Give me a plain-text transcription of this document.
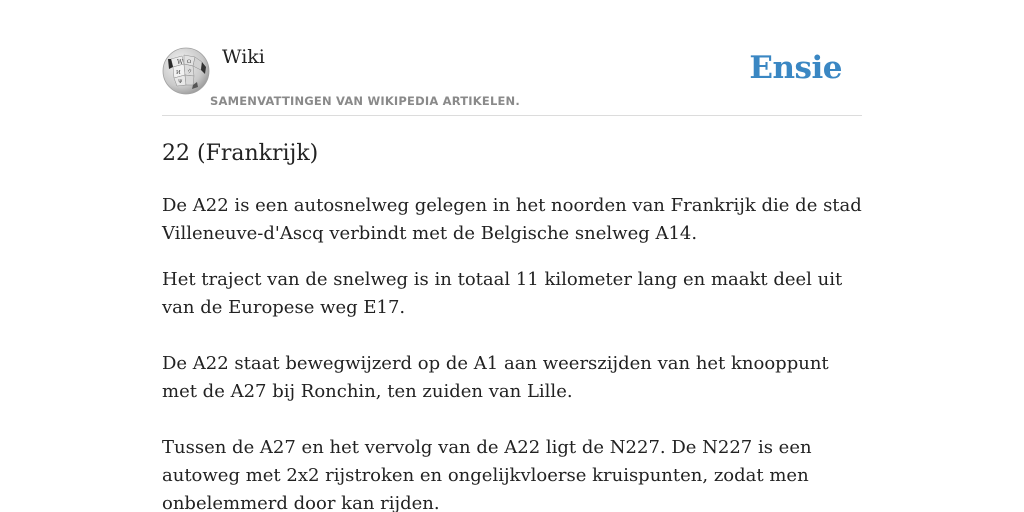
W Ω
И ウ
Ψ
Wiki
SAMENVATTINGEN VAN WIKIPEDIA ARTIKELEN.
Ensie
22 (Frankrijk)

De A22 is een autosnelweg gelegen in het noorden van Frankrijk die de stad Villeneuve-d'Ascq verbindt met de Belgische snelweg A14.

Het traject van de snelweg is in totaal 11 kilometer lang en maakt deel uit van de Europese weg E17.

De A22 staat bewegwijzerd op de A1 aan weerszijden van het knooppunt met de A27 bij Ronchin, ten zuiden van Lille.

Tussen de A27 en het vervolg van de A22 ligt de N227. De N227 is een autoweg met 2x2 rijstroken en ongelijkvloerse kruispunten, zodat men onbelemmerd door kan rijden.
